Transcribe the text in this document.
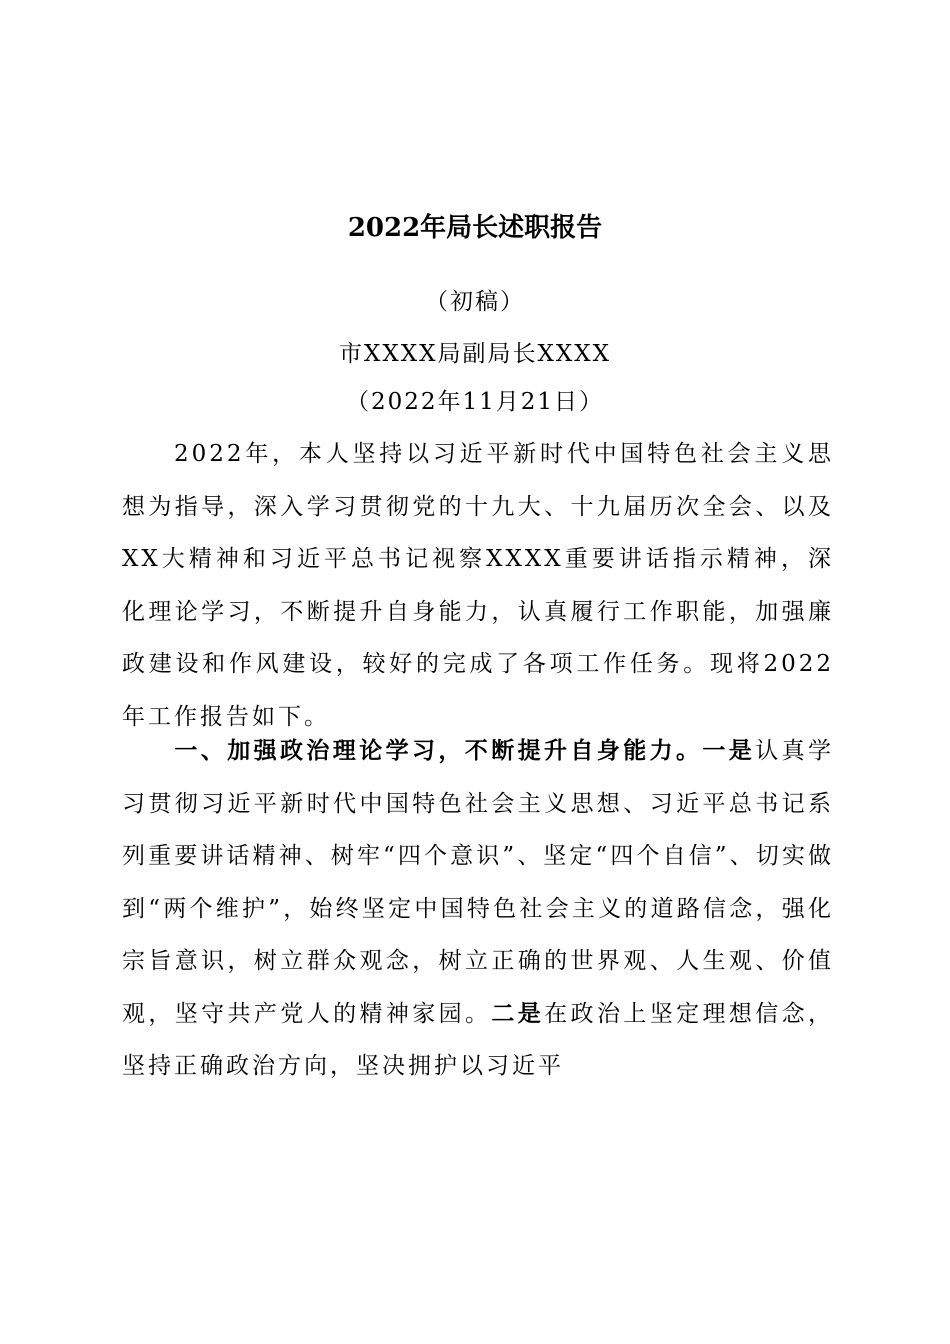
2022年局长述职报告
（初稿）
市XXXX局副局长XXXX
（2022年11月21日）

2022年，本人坚持以习近平新时代中国特色社会主义思想为指导，深入学习贯彻党的十九大、十九届历次全会、以及XX大精神和习近平总书记视察XXXX重要讲话指示精神，深化理论学习，不断提升自身能力，认真履行工作职能，加强廉政建设和作风建设，较好的完成了各项工作任务。现将2022年工作报告如下。

一、加强政治理论学习，不断提升自身能力。一是认真学习贯彻习近平新时代中国特色社会主义思想、习近平总书记系列重要讲话精神、树牢“四个意识”、坚定“四个自信”、切实做到“两个维护”，始终坚定中国特色社会主义的道路信念，强化宗旨意识，树立群众观念，树立正确的世界观、人生观、价值观，坚守共产党人的精神家园。二是在政治上坚定理想信念，坚持正确政治方向，坚决拥护以习近平
